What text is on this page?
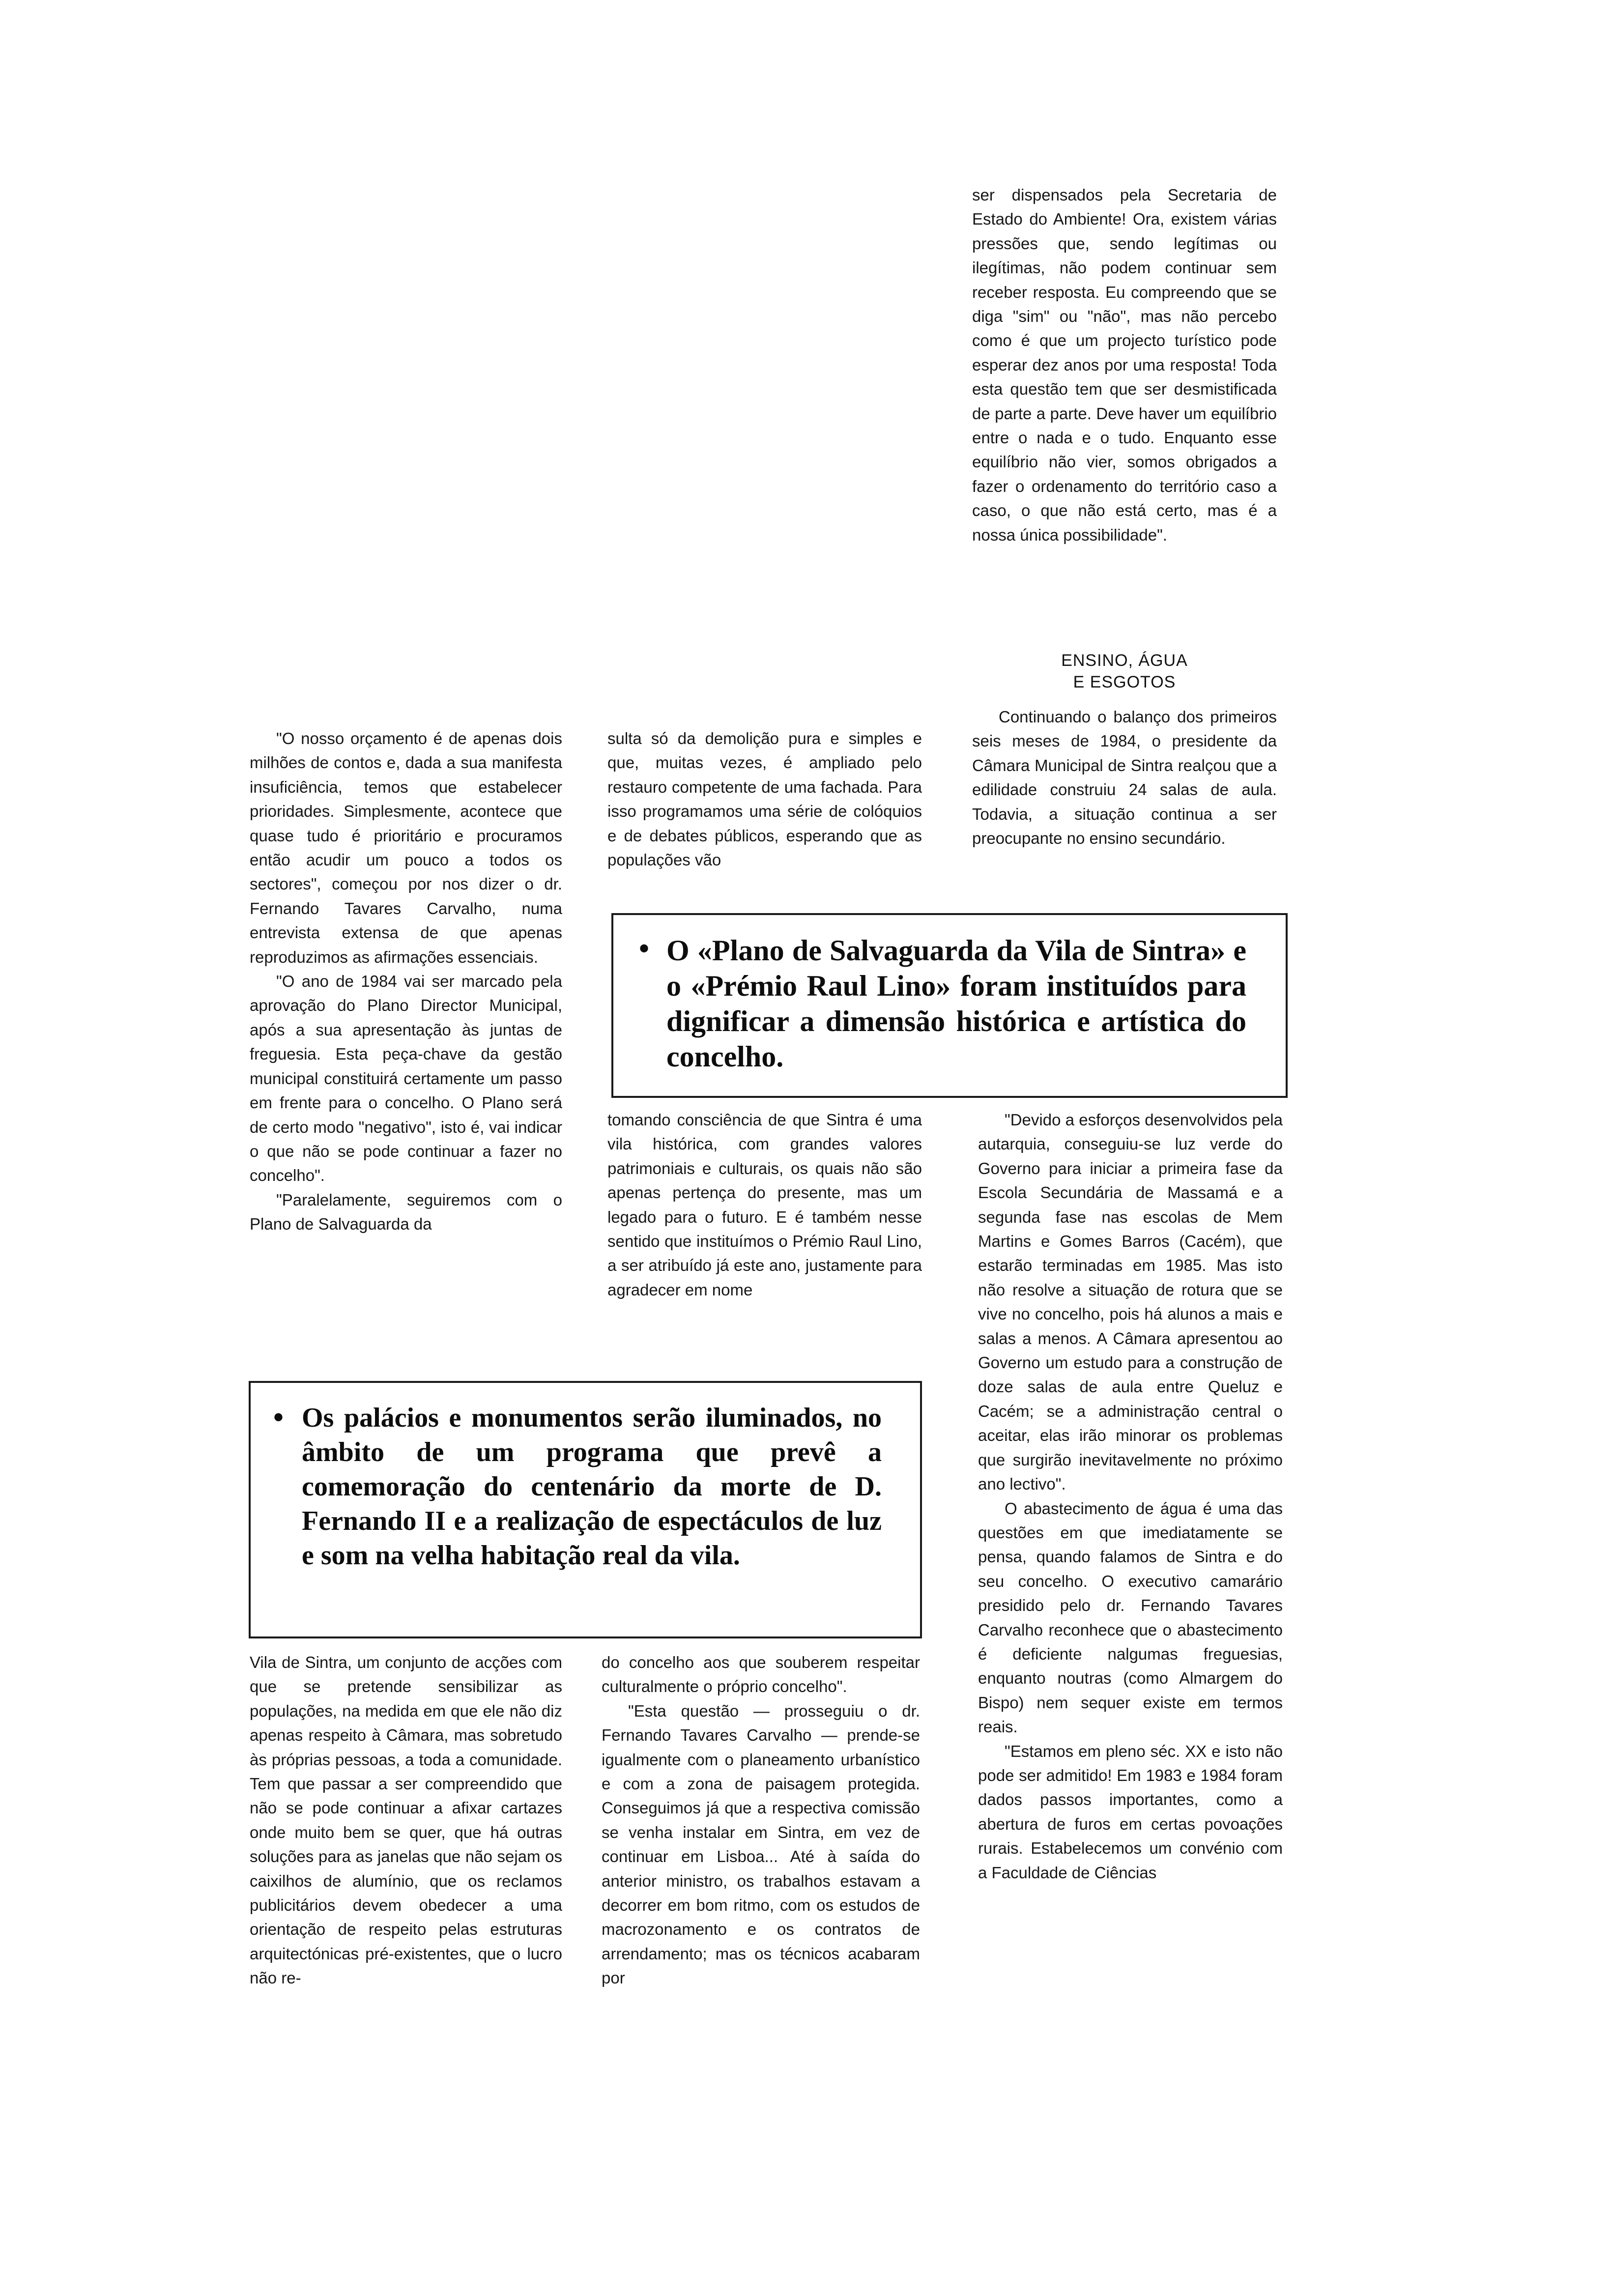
ser dispensados pela Secretaria de Estado do Ambiente! Ora, existem várias pressões que, sendo legítimas ou ilegítimas, não podem continuar sem receber resposta. Eu compreendo que se diga "sim" ou "não", mas não percebo como é que um projecto turístico pode esperar dez anos por uma resposta! Toda esta questão tem que ser desmistificada de parte a parte. Deve haver um equilíbrio entre o nada e o tudo. Enquanto esse equilíbrio não vier, somos obrigados a fazer o ordenamento do território caso a caso, o que não está certo, mas é a nossa única possibilidade".

ENSINO, ÁGUA
E ESGOTOS

Continuando o balanço dos primeiros seis meses de 1984, o presidente da Câmara Municipal de Sintra realçou que a edilidade construiu 24 salas de aula. Todavia, a situação continua a ser preocupante no ensino secundário.

"O nosso orçamento é de apenas dois milhões de contos e, dada a sua manifesta insuficiência, temos que estabelecer prioridades. Simplesmente, acontece que quase tudo é prioritário e procuramos então acudir um pouco a todos os sectores", começou por nos dizer o dr. Fernando Tavares Carvalho, numa entrevista extensa de que apenas reproduzimos as afirmações essenciais.

"O ano de 1984 vai ser marcado pela aprovação do Plano Director Municipal, após a sua apresentação às juntas de freguesia. Esta peça-chave da gestão municipal constituirá certamente um passo em frente para o concelho. O Plano será de certo modo "negativo", isto é, vai indicar o que não se pode continuar a fazer no concelho".

"Paralelamente, seguiremos com o Plano de Salvaguarda da

sulta só da demolição pura e simples e que, muitas vezes, é ampliado pelo restauro competente de uma fachada. Para isso programamos uma série de colóquios e de debates públicos, esperando que as populações vão

• O «Plano de Salvaguarda da Vila de Sintra» e o «Prémio Raul Lino» foram instituídos para dignificar a dimensão histórica e artística do concelho.

tomando consciência de que Sintra é uma vila histórica, com grandes valores patrimoniais e culturais, os quais não são apenas pertença do presente, mas um legado para o futuro. E é também nesse sentido que instituímos o Prémio Raul Lino, a ser atribuído já este ano, justamente para agradecer em nome

"Devido a esforços desenvolvidos pela autarquia, conseguiu-se luz verde do Governo para iniciar a primeira fase da Escola Secundária de Massamá e a segunda fase nas escolas de Mem Martins e Gomes Barros (Cacém), que estarão terminadas em 1985. Mas isto não resolve a situação de rotura que se vive no concelho, pois há alunos a mais e salas a menos. A Câmara apresentou ao Governo um estudo para a construção de doze salas de aula entre Queluz e Cacém; se a administração central o aceitar, elas irão minorar os problemas que surgirão inevitavelmente no próximo ano lectivo".

O abastecimento de água é uma das questões em que imediatamente se pensa, quando falamos de Sintra e do seu concelho. O executivo camarário presidido pelo dr. Fernando Tavares Carvalho reconhece que o abastecimento é deficiente nalgumas freguesias, enquanto noutras (como Almargem do Bispo) nem sequer existe em termos reais.

"Estamos em pleno séc. XX e isto não pode ser admitido! Em 1983 e 1984 foram dados passos importantes, como a abertura de furos em certas povoações rurais. Estabelecemos um convénio com a Faculdade de Ciências

• Os palácios e monumentos serão iluminados, no âmbito de um programa que prevê a comemoração do centenário da morte de D. Fernando II e a realização de espectáculos de luz e som na velha habitação real da vila.

Vila de Sintra, um conjunto de acções com que se pretende sensibilizar as populações, na medida em que ele não diz apenas respeito à Câmara, mas sobretudo às próprias pessoas, a toda a comunidade. Tem que passar a ser compreendido que não se pode continuar a afixar cartazes onde muito bem se quer, que há outras soluções para as janelas que não sejam os caixilhos de alumínio, que os reclamos publicitários devem obedecer a uma orientação de respeito pelas estruturas arquitectónicas pré-existentes, que o lucro não re-

do concelho aos que souberem respeitar culturalmente o próprio concelho".

"Esta questão — prosseguiu o dr. Fernando Tavares Carvalho — prende-se igualmente com o planeamento urbanístico e com a zona de paisagem protegida. Conseguimos já que a respectiva comissão se venha instalar em Sintra, em vez de continuar em Lisboa... Até à saída do anterior ministro, os trabalhos estavam a decorrer em bom ritmo, com os estudos de macrozonamento e os contratos de arrendamento; mas os técnicos acabaram por
